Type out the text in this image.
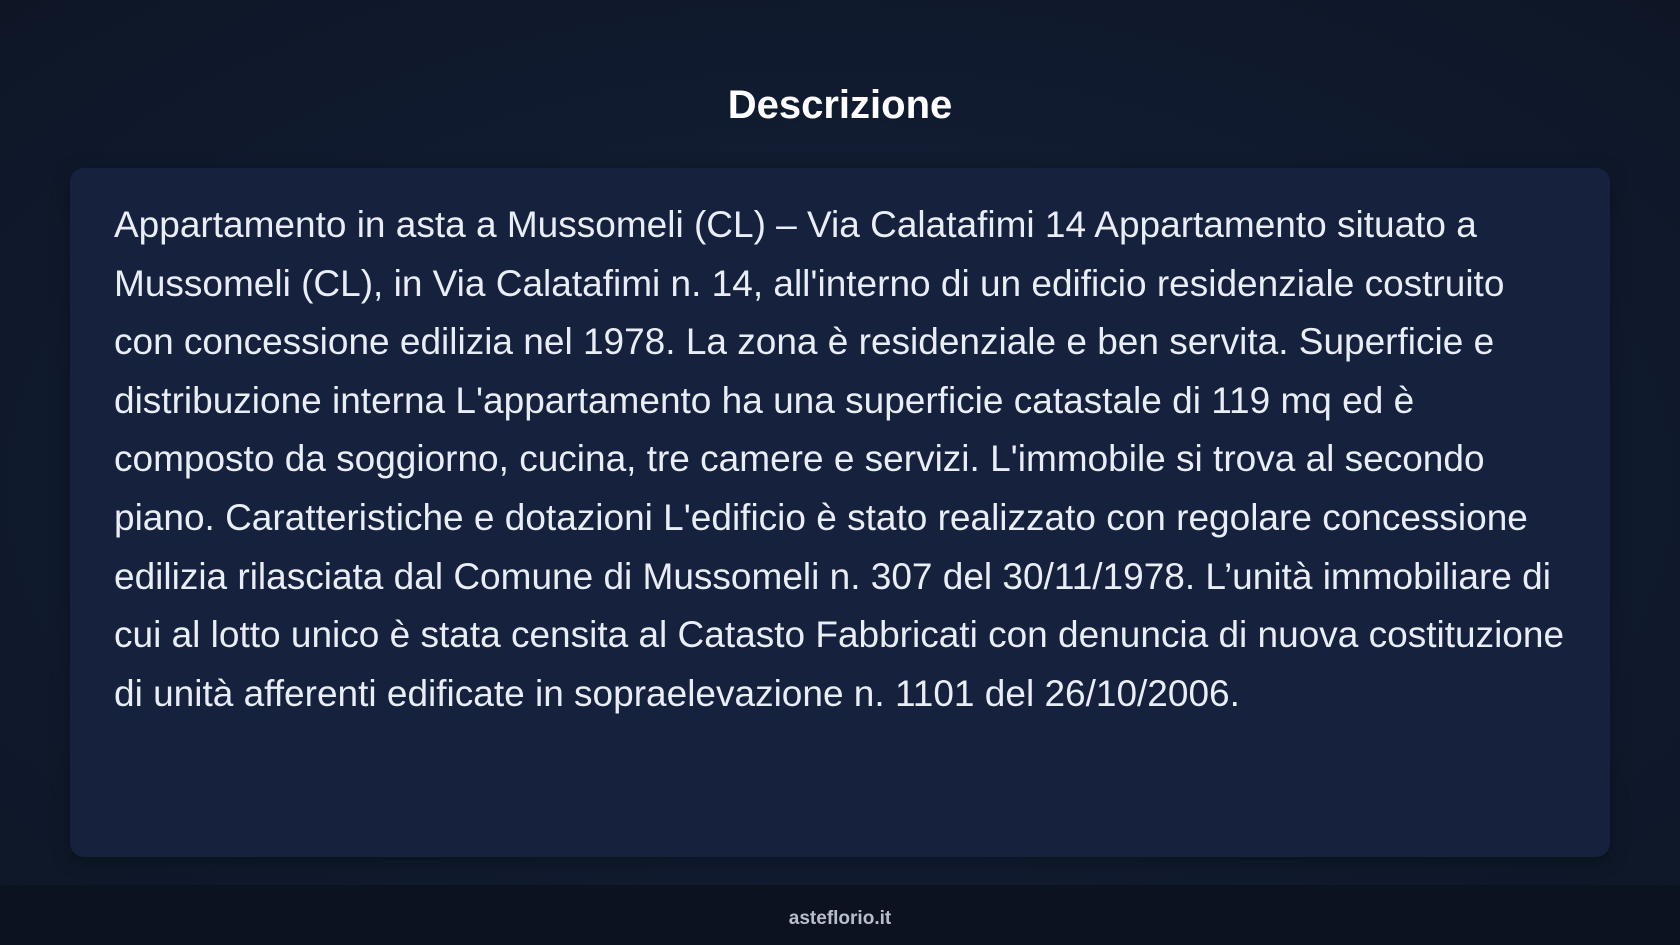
Descrizione

Appartamento in asta a Mussomeli (CL) – Via Calatafimi 14 Appartamento situato a Mussomeli (CL), in Via Calatafimi n. 14, all'interno di un edificio residenziale costruito con concessione edilizia nel 1978. La zona è residenziale e ben servita. Superficie e distribuzione interna L'appartamento ha una superficie catastale di 119 mq ed è composto da soggiorno, cucina, tre camere e servizi. L'immobile si trova al secondo piano. Caratteristiche e dotazioni L'edificio è stato realizzato con regolare concessione edilizia rilasciata dal Comune di Mussomeli n. 307 del 30/11/1978. L’unità immobiliare di cui al lotto unico è stata censita al Catasto Fabbricati con denuncia di nuova costituzione di unità afferenti edificate in sopraelevazione n. 1101 del 26/10/2006.

asteflorio.it
